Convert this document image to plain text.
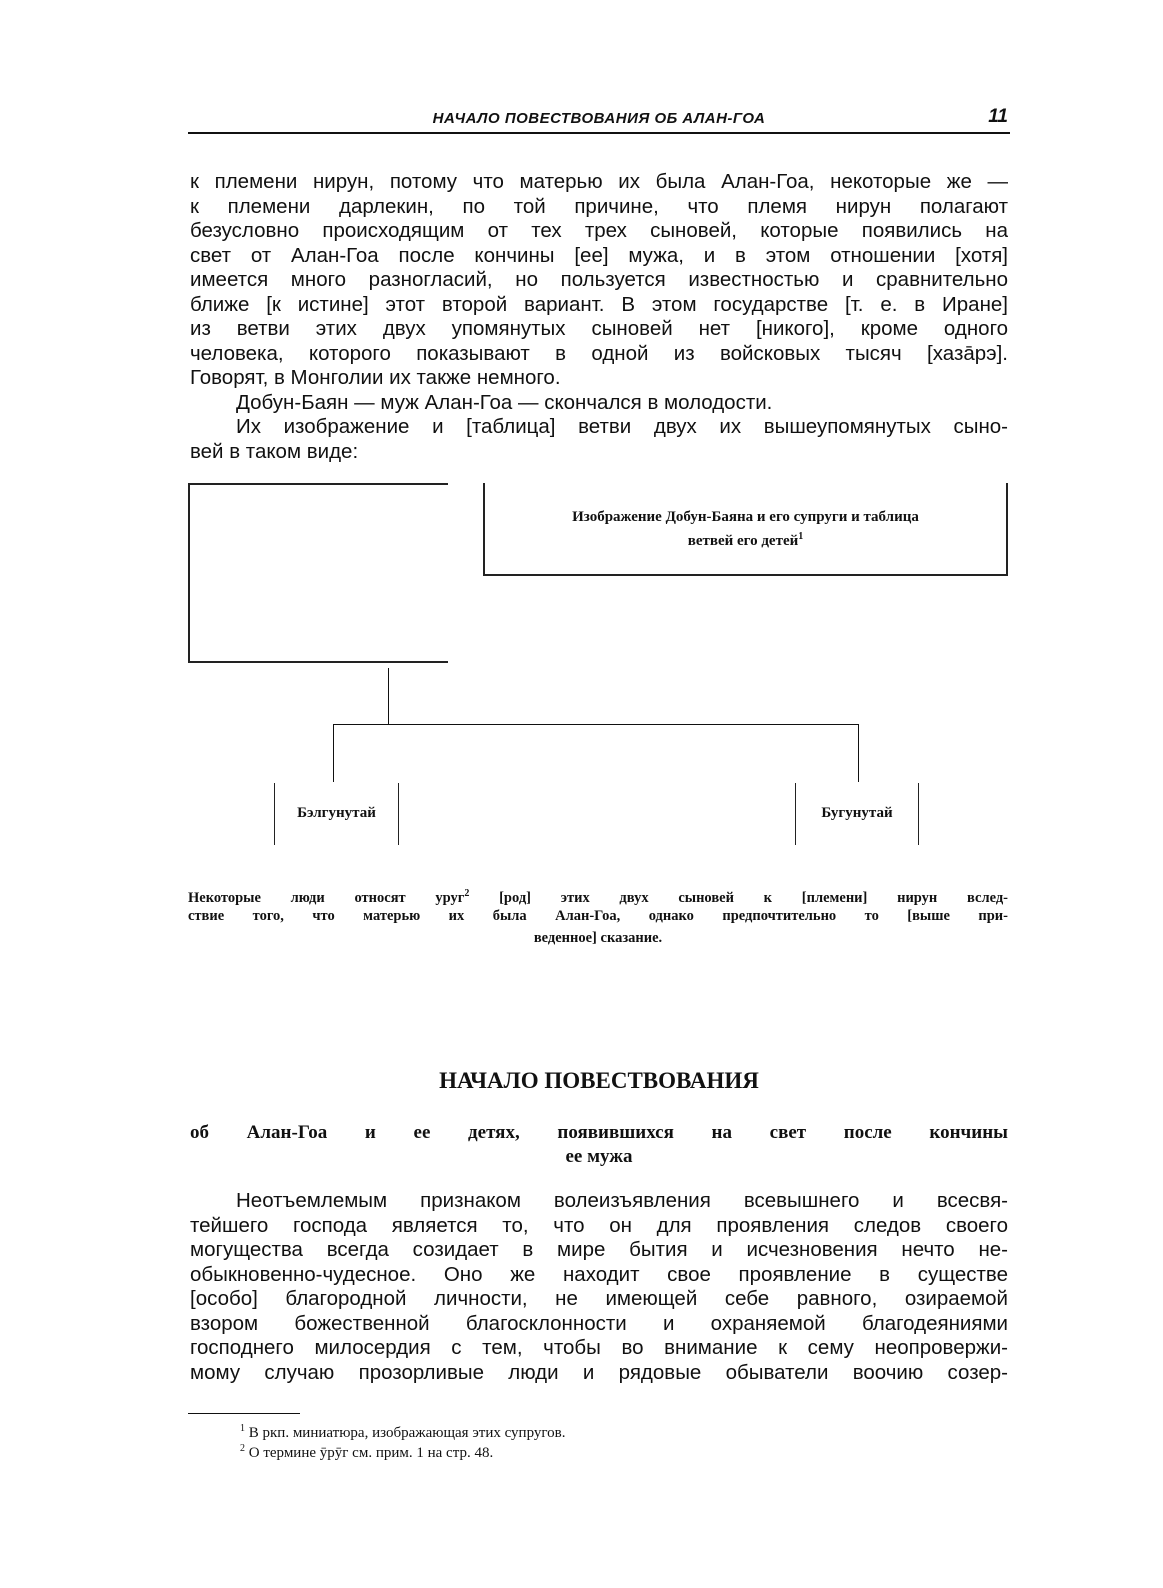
НАЧАЛО ПОВЕСТВОВАНИЯ ОБ АЛАН-ГОА	11
к племени нирун, потому что матерью их была Алан-Гоа, некоторые же —
к племени дарлекин, по той причине, что племя нирун полагают
безусловно происходящим от тех трех сыновей, которые появились на
свет от Алан-Гоа после кончины [ее] мужа, и в этом отношении [хотя]
имеется много разногласий, но пользуется известностью и сравнительно
ближе [к истине] этот второй вариант. В этом государстве [т. е. в Иране]
из ветви этих двух упомянутых сыновей нет [никого], кроме одного
человека, которого показывают в одной из войсковых тысяч [хазāрэ].
Говорят, в Монголии их также немного.
Добун-Баян — муж Алан-Гоа — скончался в молодости.
Их изображение и [таблица] ветви двух их вышеупомянутых сыно-
вей в таком виде:
Изображение Добун-Баяна и его супруги и таблица
ветвей его детей$^1$
Бэлгунутай	Бугунутай
Некоторые люди относят уруг$^2$ [род] этих двух сыновей к [племени] нирун вслед-
ствие того, что матерью их была Алан-Гоа, однако предпочтительно то [выше при-
веденное] сказание.
НАЧАЛО ПОВЕСТВОВАНИЯ
об Алан-Гоа и ее детях, появившихся на свет после кончины
ее мужа
Неотъемлемым признаком волеизъявления всевышнего и всесвя-
тейшего господа является то, что он для проявления следов своего
могущества всегда созидает в мире бытия и исчезновения нечто не-
обыкновенно-чудесное. Оно же находит свое проявление в существе
[особо] благородной личности, не имеющей себе равного, озираемой
взором божественной благосклонности и охраняемой благодеяниями
господнего милосердия с тем, чтобы во внимание к сему неопровержи-
мому случаю прозорливые люди и рядовые обыватели воочию созер-
$^1$ В ркп. миниатюра, изображающая этих супругов.
$^2$ О термине ӯрӯг см. прим. 1 на стр. 48.
